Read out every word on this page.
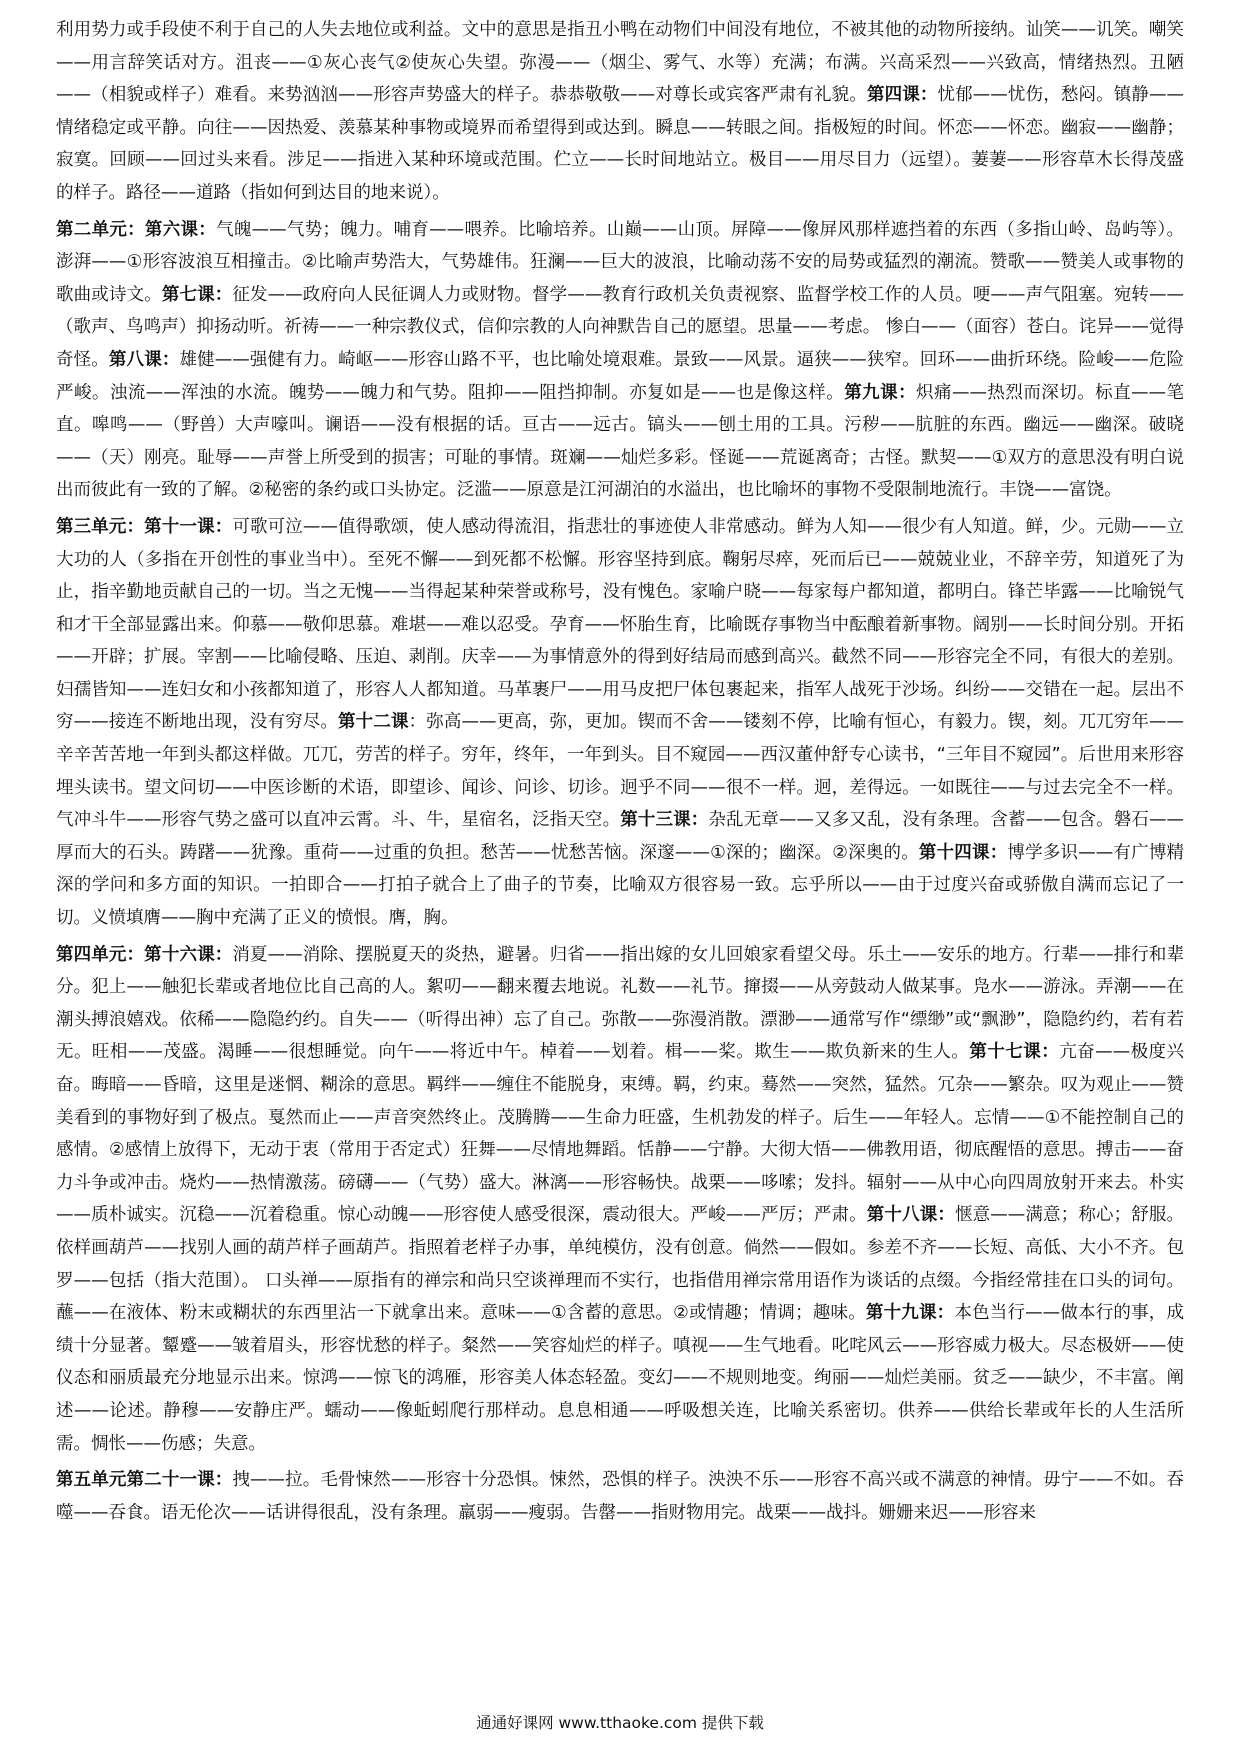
利用势力或手段使不利于自己的人失去地位或利益。文中的意思是指丑小鸭在动物们中间没有地位，不被其他的动物所接纳。讪笑——讥笑。嘲笑——用言辞笑话对方。沮丧——①灰心丧气②使灰心失望。弥漫——（烟尘、雾气、水等）充满；布满。兴高采烈——兴致高，情绪热烈。丑陋——（相貌或样子）难看。来势汹汹——形容声势盛大的样子。恭恭敬敬——对尊长或宾客严肃有礼貌。第四课：忧郁——忧伤，愁闷。镇静——情绪稳定或平静。向往——因热爱、羡慕某种事物或境界而希望得到或达到。瞬息——转眼之间。指极短的时间。怀恋——怀恋。幽寂——幽静；寂寞。回顾——回过头来看。涉足——指进入某种环境或范围。伫立——长时间地站立。极目——用尽目力（远望）。萋萋——形容草木长得茂盛的样子。路径——道路（指如何到达目的地来说）。

第二单元：第六课：气魄——气势；魄力。哺育——喂养。比喻培养。山巅——山顶。屏障——像屏风那样遮挡着的东西（多指山岭、岛屿等）。澎湃——①形容波浪互相撞击。②比喻声势浩大，气势雄伟。狂澜——巨大的波浪，比喻动荡不安的局势或猛烈的潮流。赞歌——赞美人或事物的歌曲或诗文。第七课：征发——政府向人民征调人力或财物。督学——教育行政机关负责视察、监督学校工作的人员。哽——声气阻塞。宛转——（歌声、鸟鸣声）抑扬动听。祈祷——一种宗教仪式，信仰宗教的人向神默告自己的愿望。思量——考虑。 惨白——（面容）苍白。诧异——觉得奇怪。第八课：雄健——强健有力。崎岖——形容山路不平，也比喻处境艰难。景致——风景。逼狭——狭窄。回环——曲折环绕。险峻——危险严峻。浊流——浑浊的水流。魄势——魄力和气势。阻抑——阻挡抑制。亦复如是——也是像这样。第九课：炽痛——热烈而深切。标直——笔直。嗥鸣——（野兽）大声嚎叫。谰语——没有根据的话。亘古——远古。镐头——刨土用的工具。污秽——肮脏的东西。幽远——幽深。破晓——（天）刚亮。耻辱——声誉上所受到的损害；可耻的事情。斑斓——灿烂多彩。怪诞——荒诞离奇；古怪。默契——①双方的意思没有明白说出而彼此有一致的了解。②秘密的条约或口头协定。泛滥——原意是江河湖泊的水溢出，也比喻坏的事物不受限制地流行。丰饶——富饶。

第三单元：第十一课：可歌可泣——值得歌颂，使人感动得流泪，指悲壮的事迹使人非常感动。鲜为人知——很少有人知道。鲜，少。元勋——立大功的人（多指在开创性的事业当中）。至死不懈——到死都不松懈。形容坚持到底。鞠躬尽瘁，死而后已——兢兢业业，不辞辛劳，知道死了为止，指辛勤地贡献自己的一切。当之无愧——当得起某种荣誉或称号，没有愧色。家喻户晓——每家每户都知道，都明白。锋芒毕露——比喻锐气和才干全部显露出来。仰慕——敬仰思慕。难堪——难以忍受。孕育——怀胎生育，比喻既存事物当中酝酿着新事物。阔别——长时间分别。开拓——开辟；扩展。宰割——比喻侵略、压迫、剥削。庆幸——为事情意外的得到好结局而感到高兴。截然不同——形容完全不同，有很大的差别。妇孺皆知——连妇女和小孩都知道了，形容人人都知道。马革裹尸——用马皮把尸体包裹起来，指军人战死于沙场。纠纷——交错在一起。层出不穷——接连不断地出现，没有穷尽。第十二课：弥高——更高，弥，更加。锲而不舍——镂刻不停，比喻有恒心，有毅力。锲，刻。兀兀穷年——辛辛苦苦地一年到头都这样做。兀兀，劳苦的样子。穷年，终年，一年到头。目不窥园——西汉董仲舒专心读书，“三年目不窥园”。后世用来形容埋头读书。望文问切——中医诊断的术语，即望诊、闻诊、问诊、切诊。迥乎不同——很不一样。迥，差得远。一如既往——与过去完全不一样。气冲斗牛——形容气势之盛可以直冲云霄。斗、牛，星宿名，泛指天空。第十三课：杂乱无章——又多又乱，没有条理。含蓄——包含。磐石——厚而大的石头。踌躇——犹豫。重荷——过重的负担。愁苦——忧愁苦恼。深邃——①深的；幽深。②深奥的。第十四课：博学多识——有广博精深的学问和多方面的知识。一拍即合——打拍子就合上了曲子的节奏，比喻双方很容易一致。忘乎所以——由于过度兴奋或骄傲自满而忘记了一切。义愤填膺——胸中充满了正义的愤恨。膺，胸。

第四单元：第十六课：消夏——消除、摆脱夏天的炎热，避暑。归省——指出嫁的女儿回娘家看望父母。乐土——安乐的地方。行辈——排行和辈分。犯上——触犯长辈或者地位比自己高的人。絮叨——翻来覆去地说。礼数——礼节。撺掇——从旁鼓动人做某事。凫水——游泳。弄潮——在潮头搏浪嬉戏。依稀——隐隐约约。自失——（听得出神）忘了自己。弥散——弥漫消散。漂渺——通常写作“缥缈”或“飘渺”，隐隐约约，若有若无。旺相——茂盛。渴睡——很想睡觉。向午——将近中午。棹着——划着。楫——桨。欺生——欺负新来的生人。第十七课：亢奋——极度兴奋。晦暗——昏暗，这里是迷惘、糊涂的意思。羁绊——缠住不能脱身，束缚。羁，约束。蓦然——突然，猛然。冗杂——繁杂。叹为观止——赞美看到的事物好到了极点。戛然而止——声音突然终止。茂腾腾——生命力旺盛，生机勃发的样子。后生——年轻人。忘情——①不能控制自己的感情。②感情上放得下，无动于衷（常用于否定式）狂舞——尽情地舞蹈。恬静——宁静。大彻大悟——佛教用语，彻底醒悟的意思。搏击——奋力斗争或冲击。烧灼——热情激荡。磅礴——（气势）盛大。淋漓——形容畅快。战栗——哆嗦；发抖。辐射——从中心向四周放射开来去。朴实——质朴诚实。沉稳——沉着稳重。惊心动魄——形容使人感受很深，震动很大。严峻——严厉；严肃。第十八课：惬意——满意；称心；舒服。依样画葫芦——找别人画的葫芦样子画葫芦。指照着老样子办事，单纯模仿，没有创意。倘然——假如。参差不齐——长短、高低、大小不齐。包罗——包括（指大范围）。 口头禅——原指有的禅宗和尚只空谈禅理而不实行，也指借用禅宗常用语作为谈话的点缀。今指经常挂在口头的词句。蘸——在液体、粉末或糊状的东西里沾一下就拿出来。意味——①含蓄的意思。②或情趣；情调；趣味。第十九课：本色当行——做本行的事，成绩十分显著。颦蹙——皱着眉头，形容忧愁的样子。粲然——笑容灿烂的样子。嗔视——生气地看。叱咤风云——形容威力极大。尽态极妍——使仪态和丽质最充分地显示出来。惊鸿——惊飞的鸿雁，形容美人体态轻盈。变幻——不规则地变。绚丽——灿烂美丽。贫乏——缺少，不丰富。阐述——论述。静穆——安静庄严。蠕动——像蚯蚓爬行那样动。息息相通——呼吸想关连，比喻关系密切。供养——供给长辈或年长的人生活所需。惆怅——伤感；失意。

第五单元第二十一课：拽——拉。毛骨悚然——形容十分恐惧。悚然，恐惧的样子。泱泱不乐——形容不高兴或不满意的神情。毋宁——不如。吞噬——吞食。语无伦次——话讲得很乱，没有条理。羸弱——瘦弱。告罄——指财物用完。战栗——战抖。姗姗来迟——形容来

通通好课网 www.tthaoke.com 提供下载
